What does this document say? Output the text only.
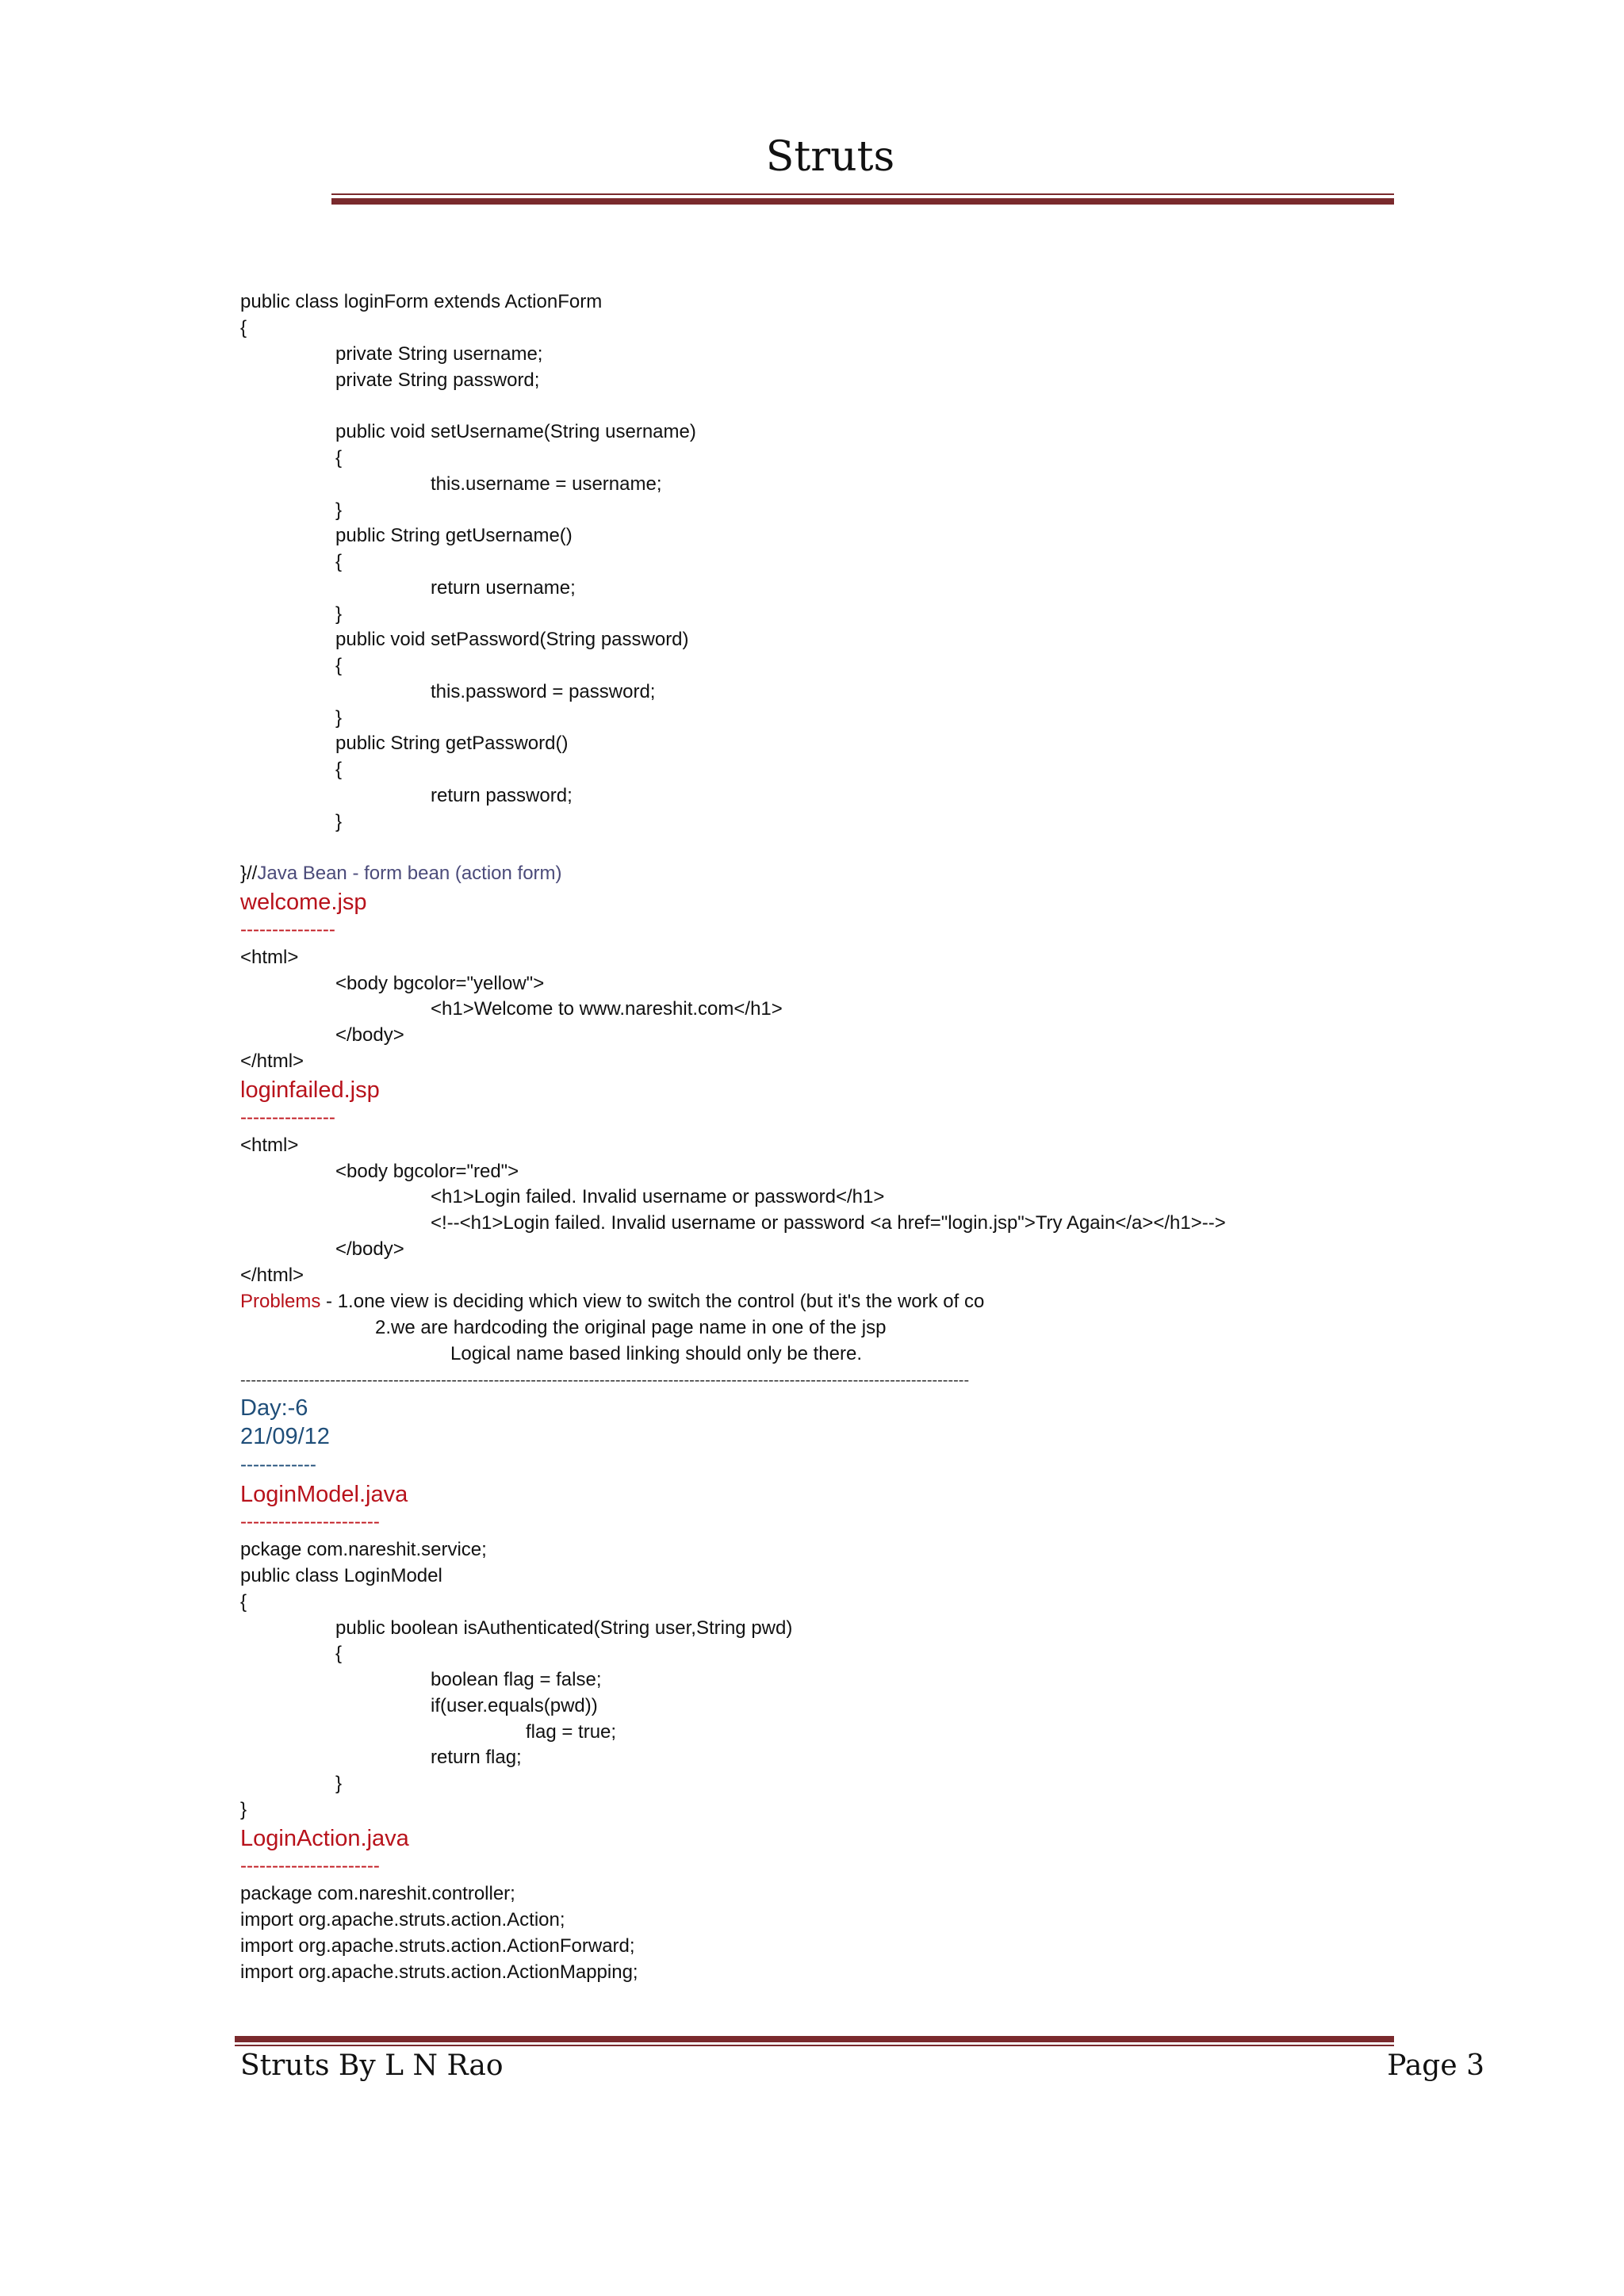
Struts
public class loginForm extends ActionForm
{
private String username;
private String password;
public void setUsername(String username)
{
this.username = username;
}
public String getUsername()
{
return username;
}
public void setPassword(String password)
{
this.password = password;
}
public String getPassword()
{
return password;
}
}//Java Bean - form bean (action form)
welcome.jsp
---------------
<html>
<body bgcolor="yellow">
<h1>Welcome to www.nareshit.com</h1>
</body>
</html>
loginfailed.jsp
---------------
<html>
<body bgcolor="red">
<h1>Login failed. Invalid username or password</h1>
<!--<h1>Login failed. Invalid username or password <a href="login.jsp">Try Again</a></h1>-->
</body>
</html>
Problems - 1.one view is deciding which view to switch the control (but it's the work of co
2.we are hardcoding the original page name in one of the jsp
Logical name based linking should only be there.
------------------------------------------------------------------------------------------------------------------------------------------
Day:-6
21/09/12
------------
LoginModel.java
----------------------
pckage com.nareshit.service;
public class LoginModel
{
public boolean isAuthenticated(String user,String pwd)
{
boolean flag = false;
if(user.equals(pwd))
flag = true;
return flag;
}
}
LoginAction.java
----------------------
package com.nareshit.controller;
import org.apache.struts.action.Action;
import org.apache.struts.action.ActionForward;
import org.apache.struts.action.ActionMapping;
Struts By L N Rao	Page 3
